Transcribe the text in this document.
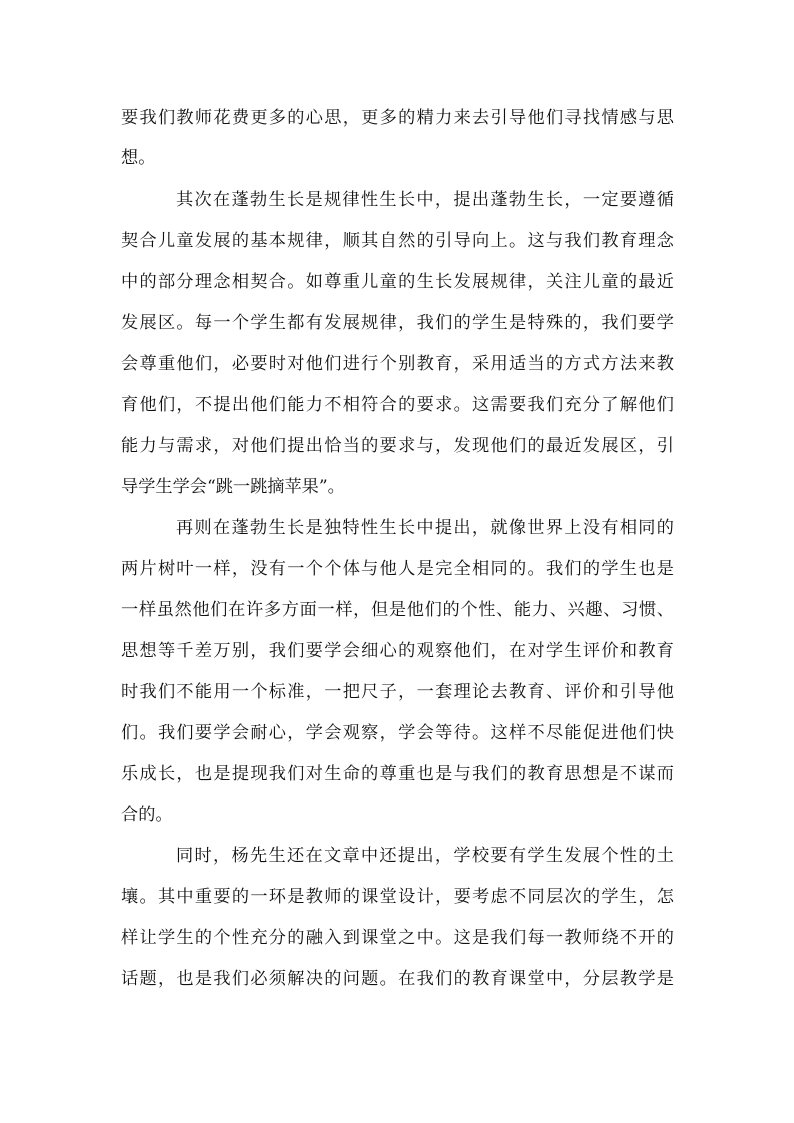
要我们教师花费更多的心思，更多的精力来去引导他们寻找情感与思
想。
其次在蓬勃生长是规律性生长中，提出蓬勃生长，一定要遵循
契合儿童发展的基本规律，顺其自然的引导向上。这与我们教育理念
中的部分理念相契合。如尊重儿童的生长发展规律，关注儿童的最近
发展区。每一个学生都有发展规律，我们的学生是特殊的，我们要学
会尊重他们，必要时对他们进行个别教育，采用适当的方式方法来教
育他们，不提出他们能力不相符合的要求。这需要我们充分了解他们
能力与需求，对他们提出恰当的要求与，发现他们的最近发展区，引
导学生学会“跳一跳摘苹果”。
再则在蓬勃生长是独特性生长中提出，就像世界上没有相同的
两片树叶一样，没有一个个体与他人是完全相同的。我们的学生也是
一样虽然他们在许多方面一样，但是他们的个性、能力、兴趣、习惯、
思想等千差万别，我们要学会细心的观察他们，在对学生评价和教育
时我们不能用一个标准，一把尺子，一套理论去教育、评价和引导他
们。我们要学会耐心，学会观察，学会等待。这样不尽能促进他们快
乐成长，也是提现我们对生命的尊重也是与我们的教育思想是不谋而
合的。
同时，杨先生还在文章中还提出，学校要有学生发展个性的土
壤。其中重要的一环是教师的课堂设计，要考虑不同层次的学生，怎
样让学生的个性充分的融入到课堂之中。这是我们每一教师绕不开的
话题，也是我们必须解决的问题。在我们的教育课堂中，分层教学是
